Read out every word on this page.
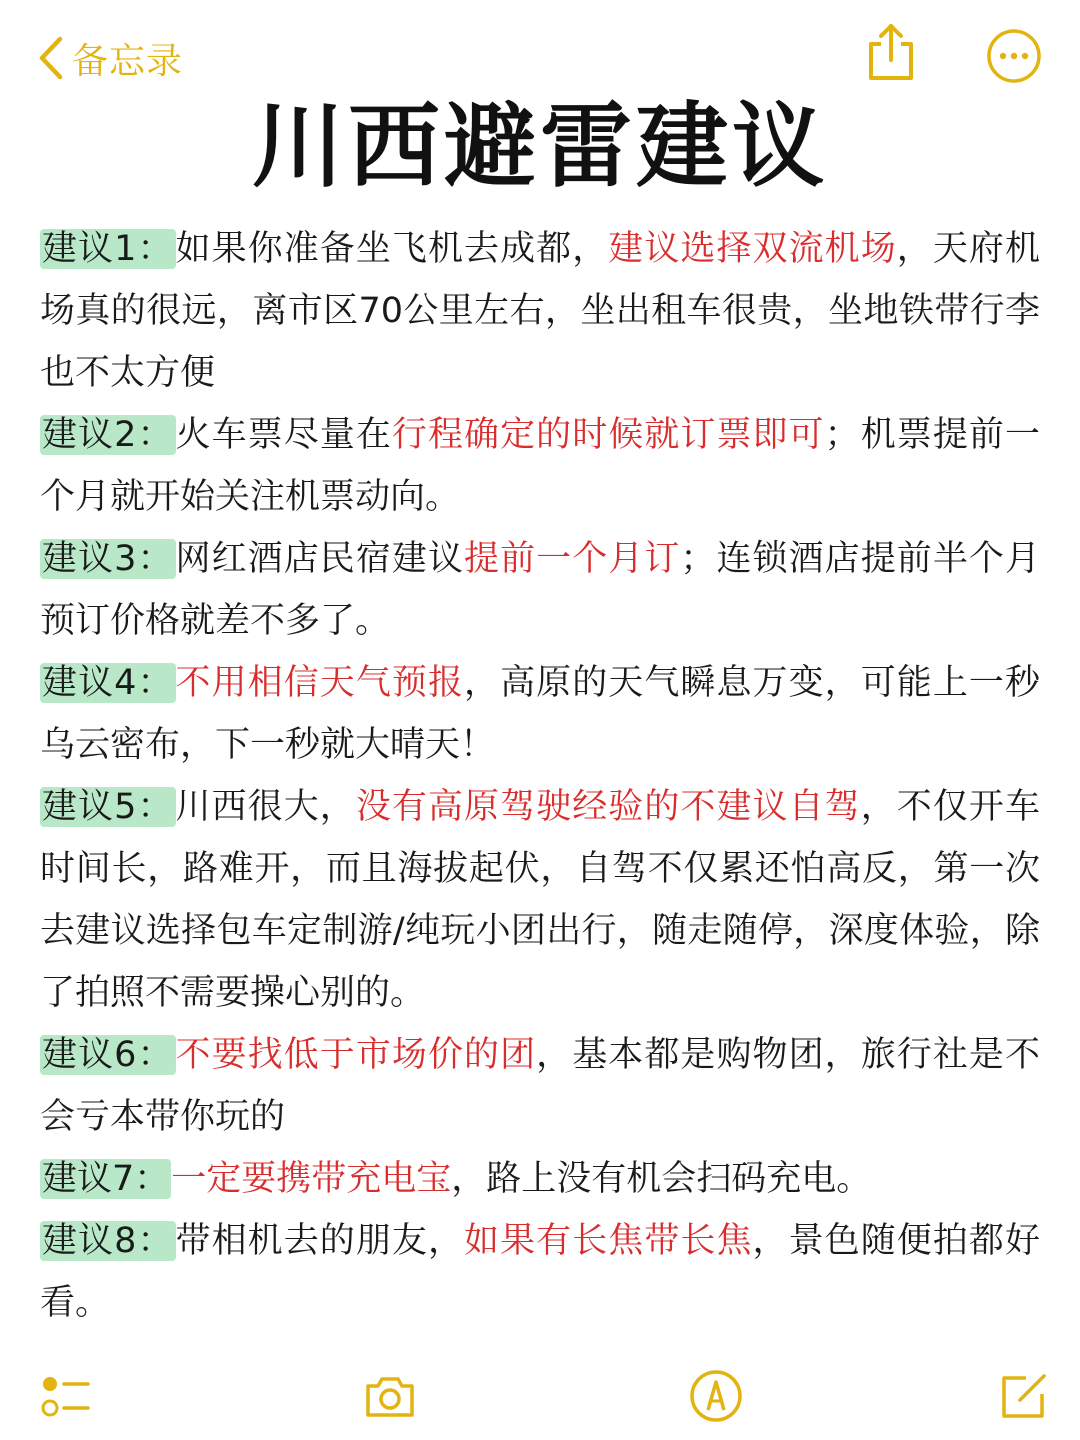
备忘录
川西避雷建议

建议1：如果你准备坐飞机去成都，建议选择双流机场，天府机场真的很远，离市区70公里左右，坐出租车很贵，坐地铁带行李也不太方便

建议2：火车票尽量在行程确定的时候就订票即可；机票提前一个月就开始关注机票动向。

建议3：网红酒店民宿建议提前一个月订；连锁酒店提前半个月预订价格就差不多了。

建议4：不用相信天气预报，高原的天气瞬息万变，可能上一秒乌云密布，下一秒就大晴天！

建议5：川西很大，没有高原驾驶经验的不建议自驾，不仅开车时间长，路难开，而且海拔起伏，自驾不仅累还怕高反，第一次去建议选择包车定制游/纯玩小团出行，随走随停，深度体验，除了拍照不需要操心别的。

建议6：不要找低于市场价的团，基本都是购物团，旅行社是不会亏本带你玩的

建议7：一定要携带充电宝，路上没有机会扫码充电。

建议8：带相机去的朋友，如果有长焦带长焦，景色随便拍都好看。
